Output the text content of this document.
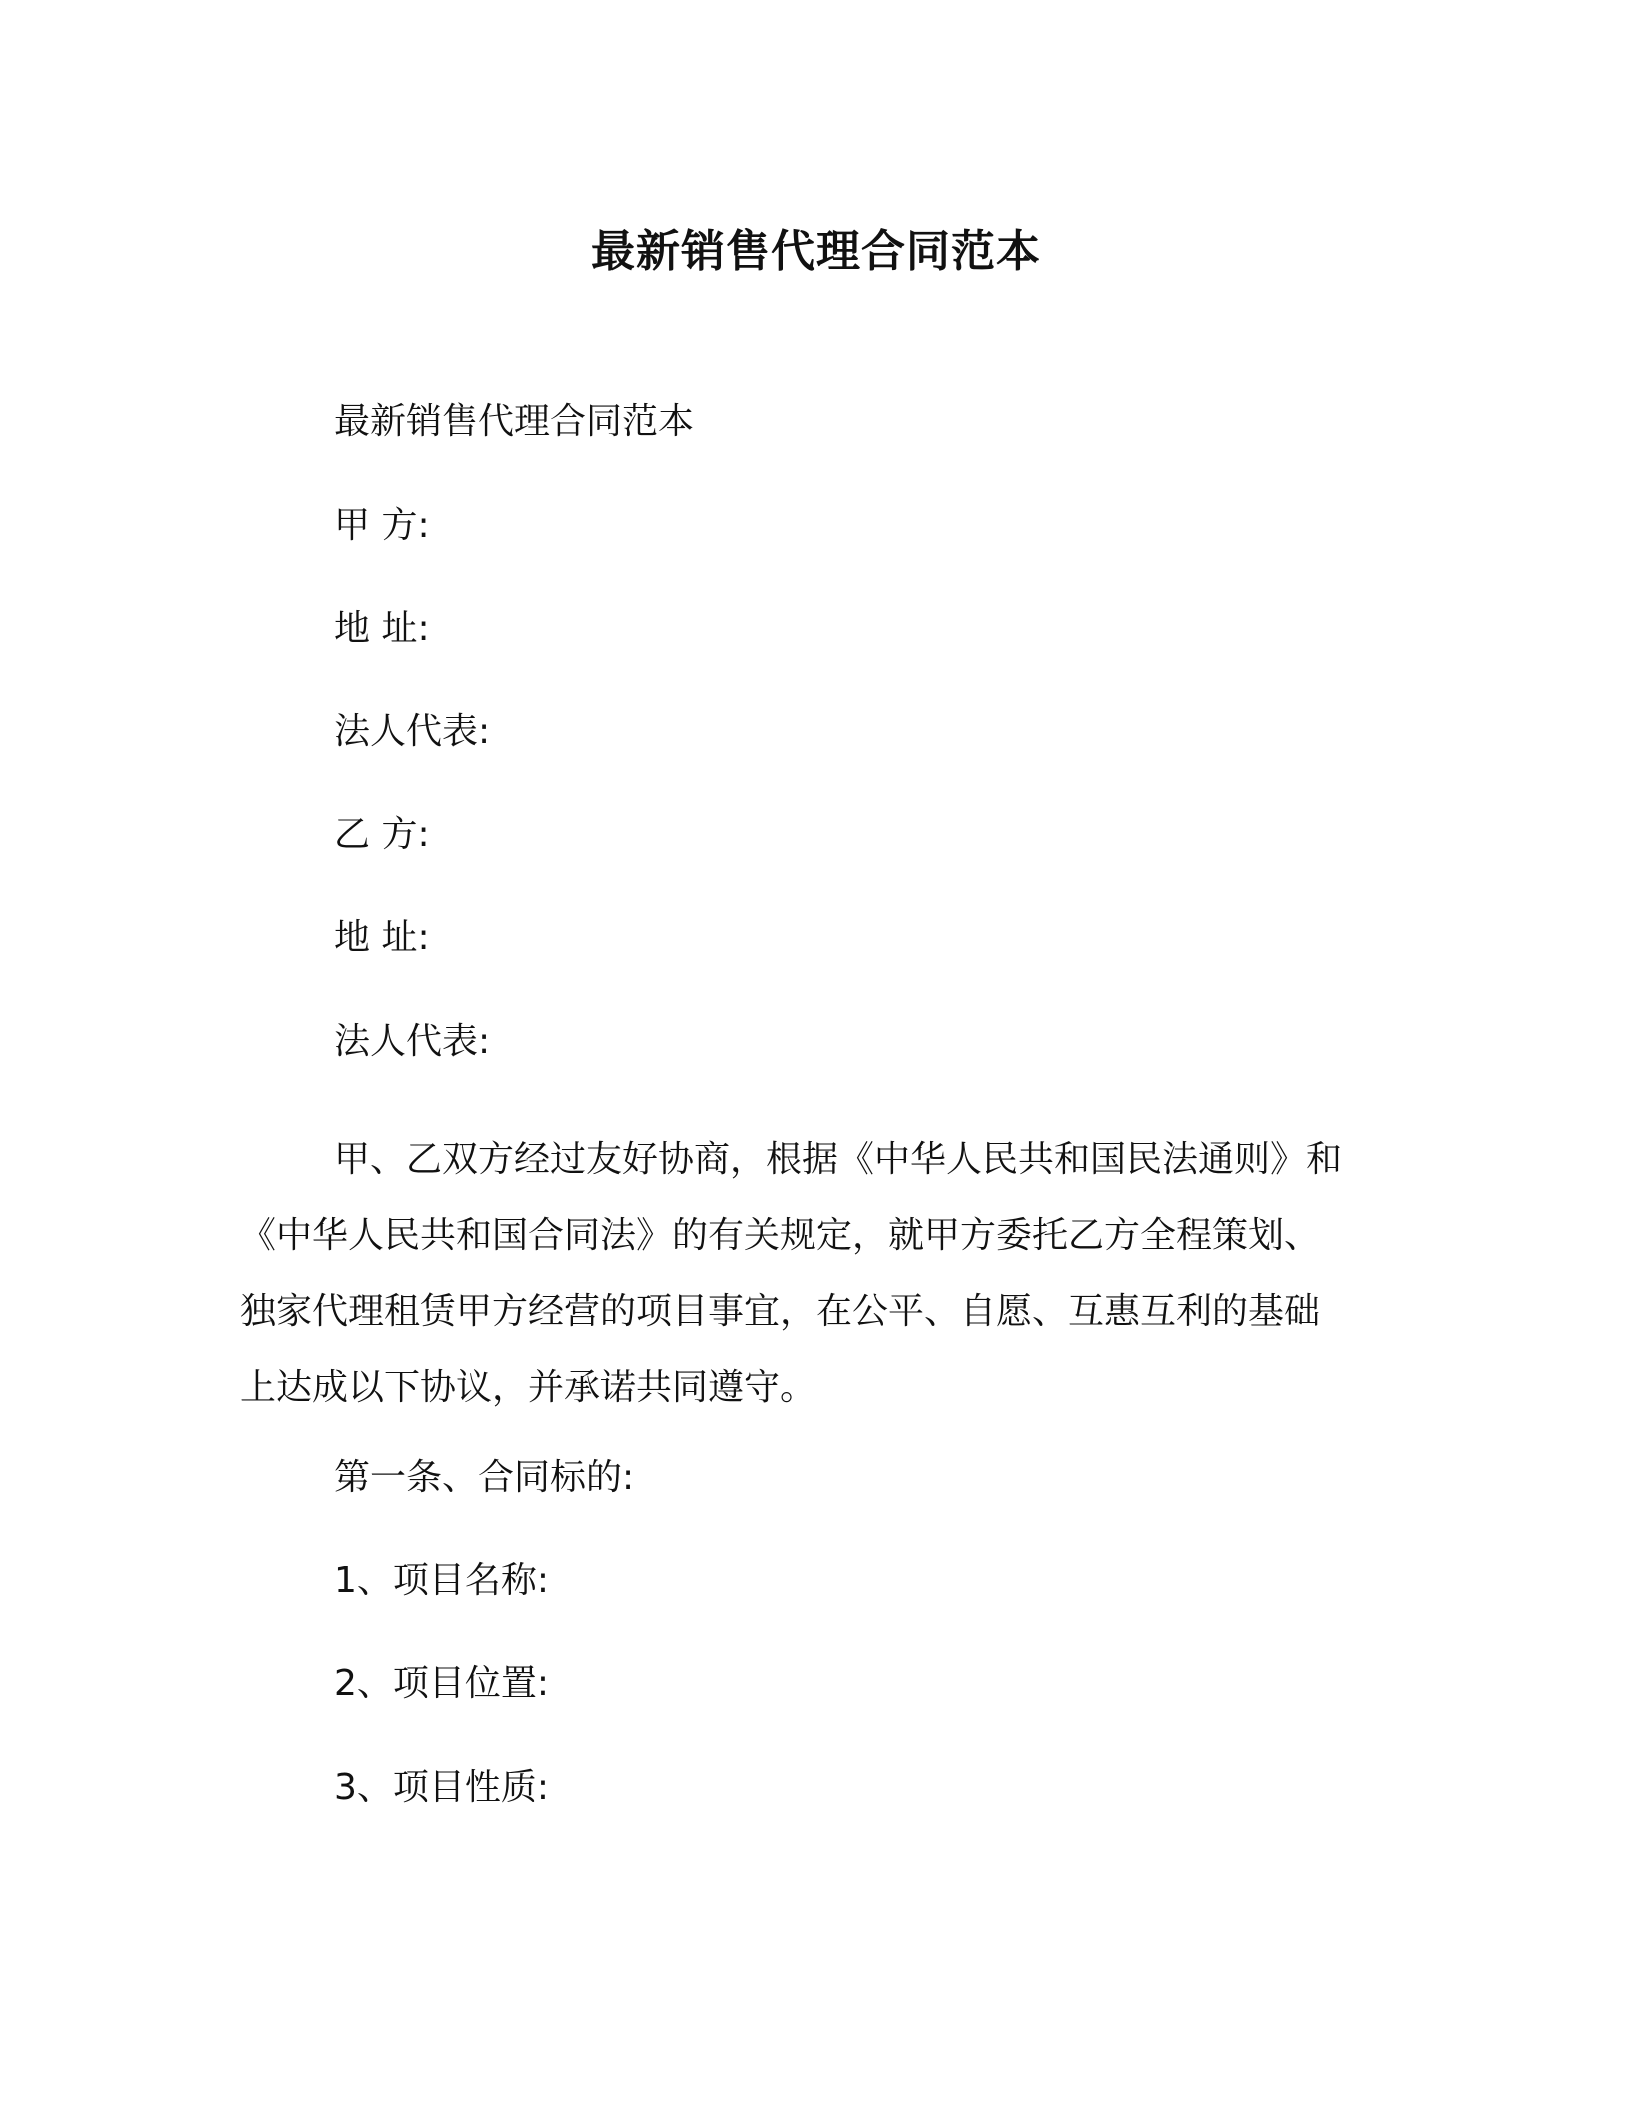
最新销售代理合同范本

最新销售代理合同范本

甲 方:

地 址:

法人代表:

乙 方:

地 址:

法人代表:

甲、乙双方经过友好协商，根据《中华人民共和国民法通则》和
《中华人民共和国合同法》的有关规定，就甲方委托乙方全程策划、
独家代理租赁甲方经营的项目事宜，在公平、自愿、互惠互利的基础
上达成以下协议，并承诺共同遵守。

第一条、合同标的:

1、项目名称:

2、项目位置:

3、项目性质:
